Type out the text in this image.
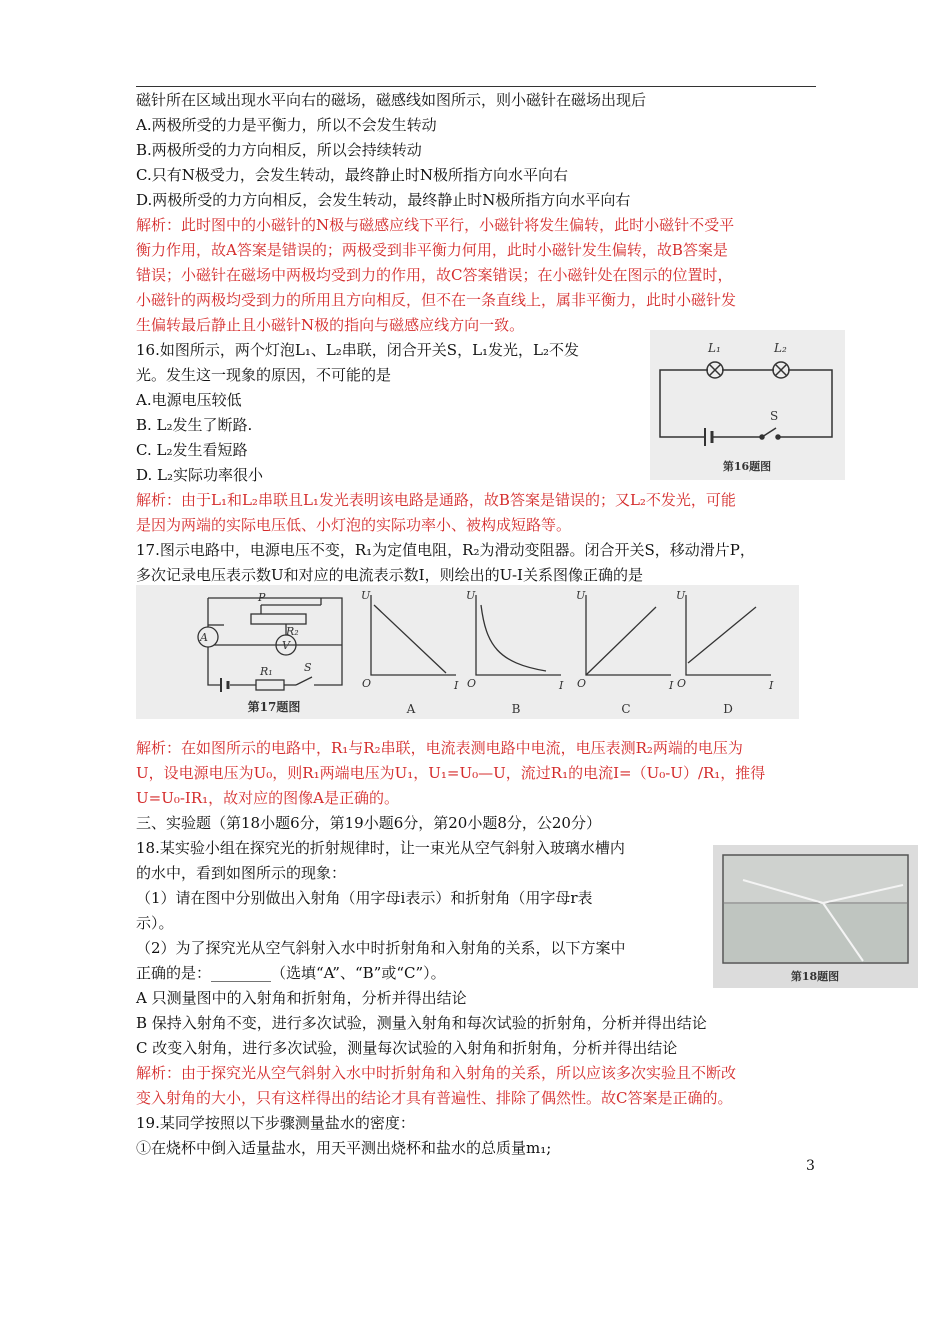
磁针所在区域出现水平向右的磁场，磁感线如图所示，则小磁针在磁场出现后
A.两极所受的力是平衡力，所以不会发生转动
B.两极所受的力方向相反，所以会持续转动
C.只有N极受力，会发生转动，最终静止时N极所指方向水平向右
D.两极所受的力方向相反，会发生转动，最终静止时N极所指方向水平向右
解析：此时图中的小磁针的N极与磁感应线下平行，小磁针将发生偏转，此时小磁针不受平
衡力作用，故A答案是错误的；两极受到非平衡力何用，此时小磁针发生偏转，故B答案是
错误；小磁针在磁场中两极均受到力的作用，故C答案错误；在小磁针处在图示的位置时，
小磁针的两极均受到力的所用且方向相反，但不在一条直线上，属非平衡力，此时小磁针发
生偏转最后静止且小磁针N极的指向与磁感应线方向一致。
16.如图所示，两个灯泡L₁、L₂串联，闭合开关S，L₁发光，L₂不发
光。发生这一现象的原因，不可能的是
A.电源电压较低
B. L₂发生了断路.
C. L₂发生看短路
D. L₂实际功率很小
解析：由于L₁和L₂串联且L₁发光表明该电路是通路，故B答案是错误的；又L₂不发光，可能
是因为两端的实际电压低、小灯泡的实际功率小、被构成短路等。
L₁	L₂
S
第16题图
17.图示电路中，电源电压不变，R₁为定值电阻，R₂为滑动变阻器。闭合开关S，移动滑片P，
多次记录电压表示数U和对应的电流表示数I，则绘出的U-I关系图像正确的是
A
V
P
R₂
R₁	S
U
O	I
U
O	I
U
O	I
U
O	I
第17题图	A	B	C	D
解析：在如图所示的电路中，R₁与R₂串联，电流表测电路中电流，电压表测R₂两端的电压为
U，设电源电压为U₀，则R₁两端电压为U₁，U₁=U₀—U，流过R₁的电流I=（U₀-U）/R₁，推得
U=U₀-IR₁，故对应的图像A是正确的。
三、实验题（第18小题6分，第19小题6分，第20小题8分，公20分）
18.某实验小组在探究光的折射规律时，让一束光从空气斜射入玻璃水槽内
的水中，看到如图所示的现象：
（1）请在图中分别做出入射角（用字母i表示）和折射角（用字母r表
示）。
（2）为了探究光从空气斜射入水中时折射角和入射角的关系，以下方案中
正确的是：________（选填“A”、“B”或“C”）。
A 只测量图中的入射角和折射角，分析并得出结论
B 保持入射角不变，进行多次试验，测量入射角和每次试验的折射角，分析并得出结论
C 改变入射角，进行多次试验，测量每次试验的入射角和折射角，分析并得出结论
解析：由于探究光从空气斜射入水中时折射角和入射角的关系，所以应该多次实验且不断改
变入射角的大小，只有这样得出的结论才具有普遍性、排除了偶然性。故C答案是正确的。
第18题图
19.某同学按照以下步骤测量盐水的密度：
①在烧杯中倒入适量盐水，用天平测出烧杯和盐水的总质量m₁;
3
